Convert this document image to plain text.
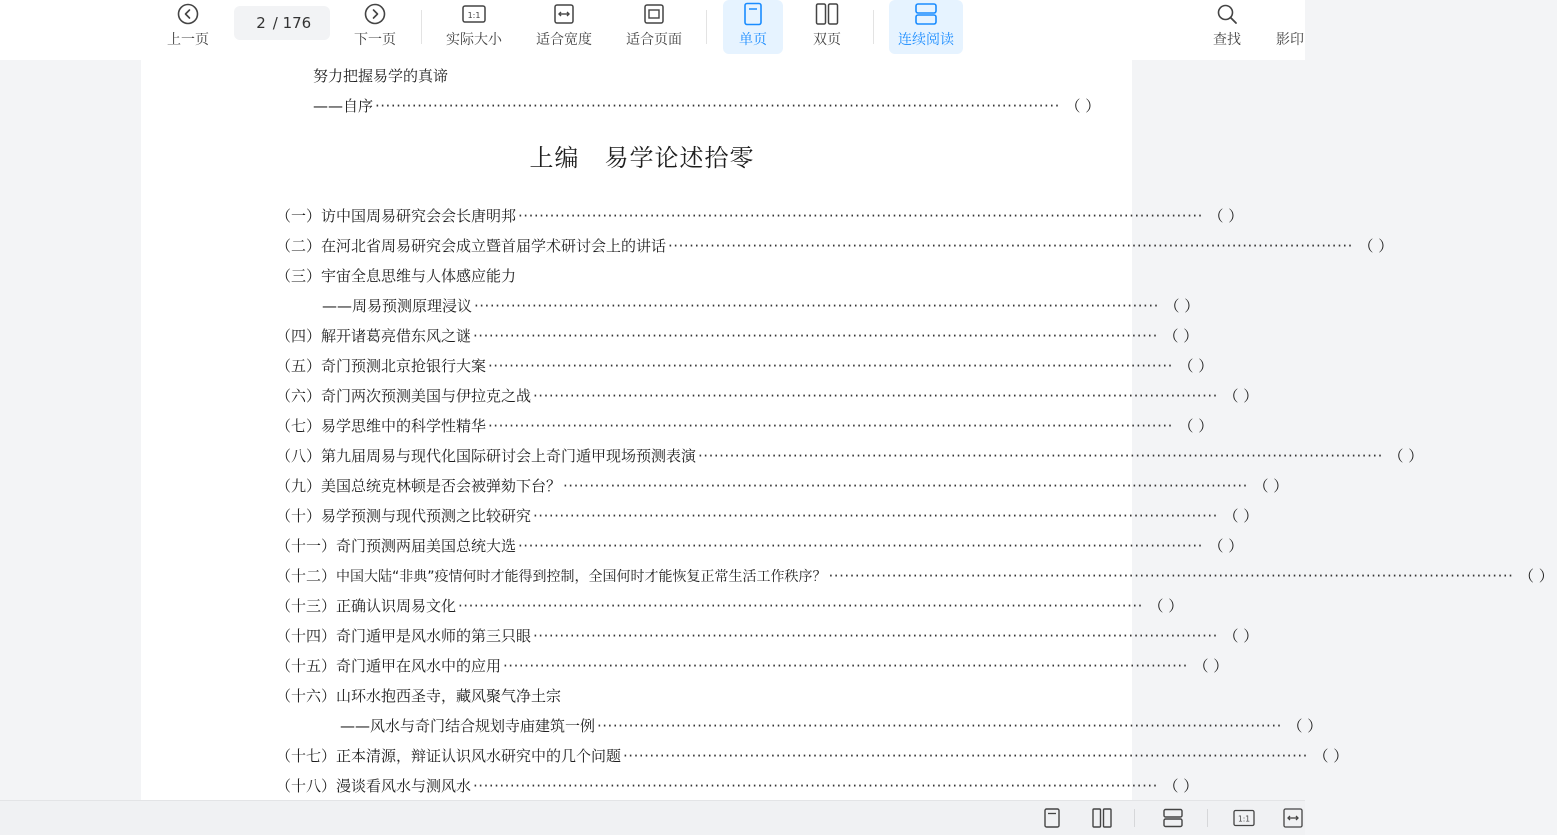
上一页
2
/ 176
下一页
1:1
实际大小 适合宽度 适合页面	单页	双页	连续阅读	查找	影印
努力把握易学的真谛
——自序 ·································································································································· （ ）
上编　易学论述拾零
（一） 访中国周易研究会会长唐明邦 ·································································································································· （ ）
（二） 在河北省周易研究会成立暨首届学术研讨会上的讲话 ·································································································································· （ ）
（三） 宇宙全息思维与人体感应能力
——周易预测原理浸议 ·································································································································· （ ）
（四） 解开诸葛亮借东风之谜 ·································································································································· （ ）
（五） 奇门预测北京抢银行大案 ·································································································································· （ ）
（六） 奇门两次预测美国与伊拉克之战 ·································································································································· （ ）
（七） 易学思维中的科学性精华 ·································································································································· （ ）
（八） 第九届周易与现代化国际研讨会上奇门遁甲现场预测表演 ·································································································································· （ ）
（九） 美国总统克林顿是否会被弹劾下台？ ·································································································································· （ ）
（十） 易学预测与现代预测之比较研究 ·································································································································· （ ）
（十一） 奇门预测两届美国总统大选 ·································································································································· （ ）
（十二） 中国大陆“非典”疫情何时才能得到控制，全国何时才能恢复正常生活工作秩序？ ·································································································································· （ ）
（十三） 正确认识周易文化 ·································································································································· （ ）
（十四） 奇门遁甲是风水师的第三只眼 ·································································································································· （ ）
（十五） 奇门遁甲在风水中的应用 ·································································································································· （ ）
（十六） 山环水抱西圣寺，藏风聚气净土宗
——风水与奇门结合规划寺庙建筑一例 ·································································································································· （ ）
（十七） 正本清源，辩证认识风水研究中的几个问题 ·································································································································· （ ）
（十八） 漫谈看风水与测风水 ·································································································································· （ ）
1:1
